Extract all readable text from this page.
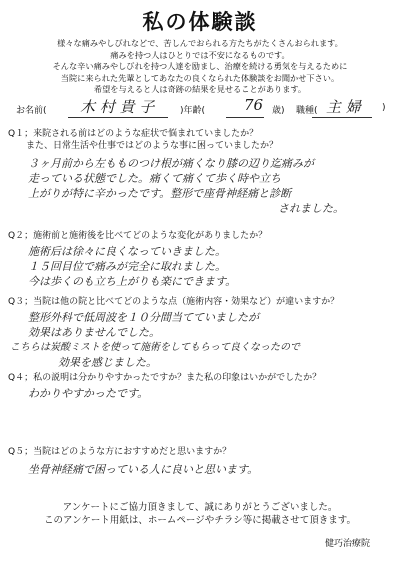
私の体験談
様々な痛みやしびれなどで、苦しんでおられる方たちがたくさんおられます。
痛みを持つ人はひとりでは不安になるものです。
そんな辛い痛みやしびれを持つ人達を励まし、治療を続ける勇気を与えるために
当院に来られた先輩としてあなたの良くなられた体験談をお聞かせ下さい。
希望を与えると人は奇跡の結果を見せることがあります。
お名前( 木 村 貴 子	)年齢(	76 歳) 職種( 主 婦 )
Q１；来院される前はどのような症状で悩まれていましたか？
　　また、日常生活や仕事ではどのような事に困っていましたか？
３ヶ月前から左もものつけ根が痛くなり膝の辺り迄痛みが
走っている状態でした。痛くて痛くて歩く時や立ち
上がりが特に辛かったです。整形で座骨神経痛と診断
されました。
Q２；施術前と施術後を比べてどのような変化がありましたか？
施術后は徐々に良くなっていきました。
１５回目位で痛みが完全に取れました。
今は歩くのも立ち上がりも楽にできます。
Q３；当院は他の院と比べてどのような点（施術内容・効果など）が違いますか？
整形外科で低周波を１０分間当てていましたが
効果はありませんでした。
こちらは炭酸ミストを使って施術をしてもらって良くなったので
効果を感じました。
Q４；私の説明は分かりやすかったですか？また私の印象はいかがでしたか？
わかりやすかったです。
Q５；当院はどのような方におすすめだと思いますか？
坐骨神経痛で困っている人に良いと思います。
アンケートにご協力頂きまして、誠にありがとうございました。
このアンケート用紙は、ホームページやチラシ等に掲載させて頂きます。
健巧治療院
